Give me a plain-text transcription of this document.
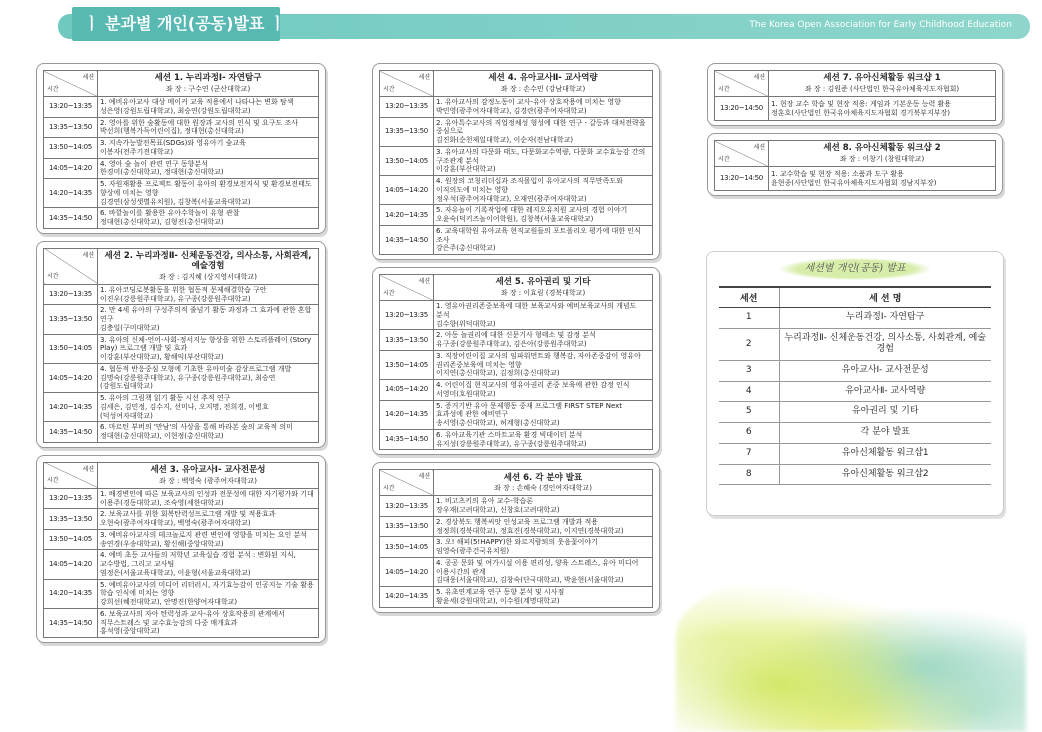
The Korea Open Association for Early Childhood Education
ㅣ 분과별 개인(공동)발표 ㅣ
세션
시간	세션 1. 누리과정Ⅰ- 자연탐구
좌 장 : 구수연 (군산대학교)

13:20~13:35	1. 예비유아교사 대상 메이커 교육 적용에서 나타나는 변화 탐색
성은영(강원도립대학교), 최승연(강원도립대학교)

13:35~13:50	2. 영아를 위한 숲활동에 대한 원장과 교사의 인식 및 요구도 조사
박선희(행복가득어린이집), 정대현(총신대학교)

13:50~14:05	3. 지속가능발전목표(SDGs)와 영유아기 숲교육
이봉자(전주기전대학교)

14:05~14:20	4. 영아 숲 놀이 관련 연구 동향분석
한경미(총신대학교), 정대현(총신대학교)

14:20~14:35	5. 자원재활용 프로젝트 활동이 유아의 환경보전지식 및 환경보전태도 향상에 미치는 영향
김경연(삼성샛별유치원), 김창복(서울교육대학교)

14:35~14:50	6. 바깥놀이를 활용한 유아수학놀이 유형 관찰
정대현(총신대학교), 김형진(총신대학교)
세션
시간	세션 2. 누리과정Ⅱ- 신체운동건강, 의사소통, 사회관계, 예술경험
좌 장 : 김지혜 (상지영서대학교)

13:20~13:35	1. 유아코딩로봇활동을 위한 협동적 문제해결학습 구안
이진우(강릉원주대학교), 유구종(강릉원주대학교)

13:35~13:50	2. 만 4세 유아의 구성주의적 줄넘기 활동 과정과 그 효과에 관한 혼합 연구
김충일(구미대학교)

13:50~14:05	3. 유아의 신체-언어-사회-정서지능 향상을 위한 스토리플레이 (Story Play) 프로그램 개발 및 효과
이강훈(부산대학교), 황해익(부산대학교)

14:05~14:20	4. 협동적 반응중심 모형에 기초한 유아미술 감상프로그램 개발
김명숙(강릉원주대학교), 유구종(강릉원주대학교), 최승연(강원도립대학교)

14:20~14:35	5. 유아의 그림책 읽기 활동 시선 추적 연구
김세은, 김민정, 김수지, 선미나, 오지명, 전희경, 이병호(덕성여자대학교)

14:35~14:50	6. 마르틴 부버의 '만남'의 사상을 통해 바라본 숲의 교육적 의미
정대현(총신대학교), 이현정(총신대학교)
세션
시간	세션 3. 유아교사Ⅰ- 교사전문성
좌 장 : 백영숙 (광주여자대학교)

13:20~13:35	1. 배경변인에 따른 보육교사의 인성과 전문성에 대한 자기평가와 기대
이용주(경동대학교), 조숙영(세한대학교)

13:35~13:50	2. 보육교사를 위한 회복탄력성프로그램 개발 및 적용효과
오현숙(광주여자대학교), 백영숙(광주여자대학교)

13:50~14:05	3. 예비유아교사의 테크놀로지 관련 변인에 영향을 미치는 요인 분석
송연경(우송대학교), 황신해(중앙대학교)

14:05~14:20	4. 예비 초등 교사들의 저학년 교육실습 경험 분석 : 변화된 지식, 교수방법, 그리고 교사팀
염정은(서울교육대학교), 이윤형(서울교육대학교)

14:20~14:35	5. 예비유아교사의 미디어 리터러시, 자기효능감이 인공지능 기술 활용 학습 인식에 미치는 영향
강희선(혜전대학교), 안명진(한양여자대학교)

14:35~14:50	6. 보육교사의 자아 탄력성과 교사-유아 상호작용의 관계에서 직무스트레스 및 교수효능감의 다중 매개효과
홍석영(중앙대학교)
세션
시간	세션 4. 유아교사Ⅱ- 교사역량
좌 장 : 손수민 (강남대학교)

13:20~13:35	1. 유아교사의 감정노동이 교사-유아 상호작용에 미치는 영향
박민영(광주여자대학교), 김경란(광주여자대학교)

13:35~13:50	2. 유아특수교사의 직업정체성 형성에 대한 연구 - 갈등과 대처전략을 중심으로
김진화(순천제일대학교), 이순자(전남대학교)

13:50~14:05	3. 유아교사의 다문화 태도, 다문화교수역량, 다문화 교수효능감 간의 구조관계 분석
이강훈(부산대학교)

14:05~14:20	4. 원장의 코칭리더십과 조직몰입이 유아교사의 직무만족도와 이직의도에 미치는 영향
정우석(광주여자대학교), 오재연(광주여자대학교)

14:20~14:35	5. 자유놀이 기록작업에 대한 레지오유치원 교사의 경험 이야기
오윤숙(덕키즈놀이어학원), 김창복(서울교육대학교)

14:35~14:50	6. 교육대학원 유아교육 현직교원들의 포트폴리오 평가에 대한 인식 조사
강은주(총신대학교)
세션
시간	세션 5. 유아권리 및 기타
좌 장 : 이효림 (경북대학교)

13:20~13:35	1. 영유아권리존중보육에 대한 보육교사와 예비보육교사의 개념도 분석
김수향(위덕대학교)

13:35~13:50	2. 아동 놀권리에 대한 신문기사 형태소 및 감정 분석
유구종(강릉원주대학교), 김은아(강릉원주대학교)

13:50~14:05	3. 직장어린이집 교사의 임파워먼트와 행복감, 자아존중감이 영유아 권리존중보육에 미치는 영향
이지연(총신대학교), 김정희(총신대학교)

14:05~14:20	4. 어린이집 현직교사의 영유아권리 존중 보육에 관한 감정 인식
서영미(호원대학교)

14:20~14:35	5. 증거기반 유아 문제행동 중재 프로그램 FIRST STEP Next 효과성에 관한 예비연구
송서영(총신대학교), 허계형(총신대학교)

14:35~14:50	6. 유아교육기관 스마트교육 환경 빅데이터 분석
유지성(강릉원주대학교), 유구종(강릉원주대학교)
세션
시간	세션 6. 각 분야 발표
좌 장 : 손혜숙 (경인여자대학교)

13:20~13:35	1. 비고츠키의 유아 교수-학습론
장우재(고려대학교), 신창호(고려대학교)

13:35~13:50	2. 경상북도 행복씨앗 인성교육 프로그램 개발과 적용
정정희(경북대학교), 정효진(경북대학교), 이지연(경북대학교)

13:50~14:05	3. 오! 해피(5!HAPPY)한 와르지람퇴의 웃음꽃이야기
임영숙(광주건국유치원)

14:05~14:20	4. 공공 문화 및 여가시설 이용 편리성, 양육 스트레스, 유아 미디어 이용시간의 관계
김대웅(서울대학교), 김창숙(단국대학교), 박윤현(서울대학교)

14:20~14:35	5. 유초연계교육 연구 동향 분석 및 시사점
황윤세(강원대학교), 이수원(계명대학교)
세션
시간	세션 7. 유아신체활동 워크샵 1
좌 장 : 김원준 (사단법인 한국유아체육지도자협회)

13:20~14:50	1. 현장 교수 학습 및 현장 적용: 게임과 기본운동 능력 활용
정훈호(사단법인 한국유아체육지도자협회 경기북부지부장)
세션
시간	세션 8. 유아신체활동 워크샵 2
좌 장 : 이창기 (창원대학교)

13:20~14:50	1. 교수학습 및 현장 적용: 소품과 도구 활용
윤현종(사단법인 한국유아체육지도자협회 경남지부장)
세션별 개인(공동) 발표
세션	세 션 명
1	누리과정Ⅰ- 자연탐구
2	누리과정Ⅱ- 신체운동건강, 의사소통, 사회관계, 예술경험
3	유아교사Ⅰ- 교사전문성
4	유아교사Ⅱ- 교사역량
5	유아권리 및 기타
6	각 분야 발표
7	유아신체활동 워크샵1
8	유아신체활동 워크샵2
